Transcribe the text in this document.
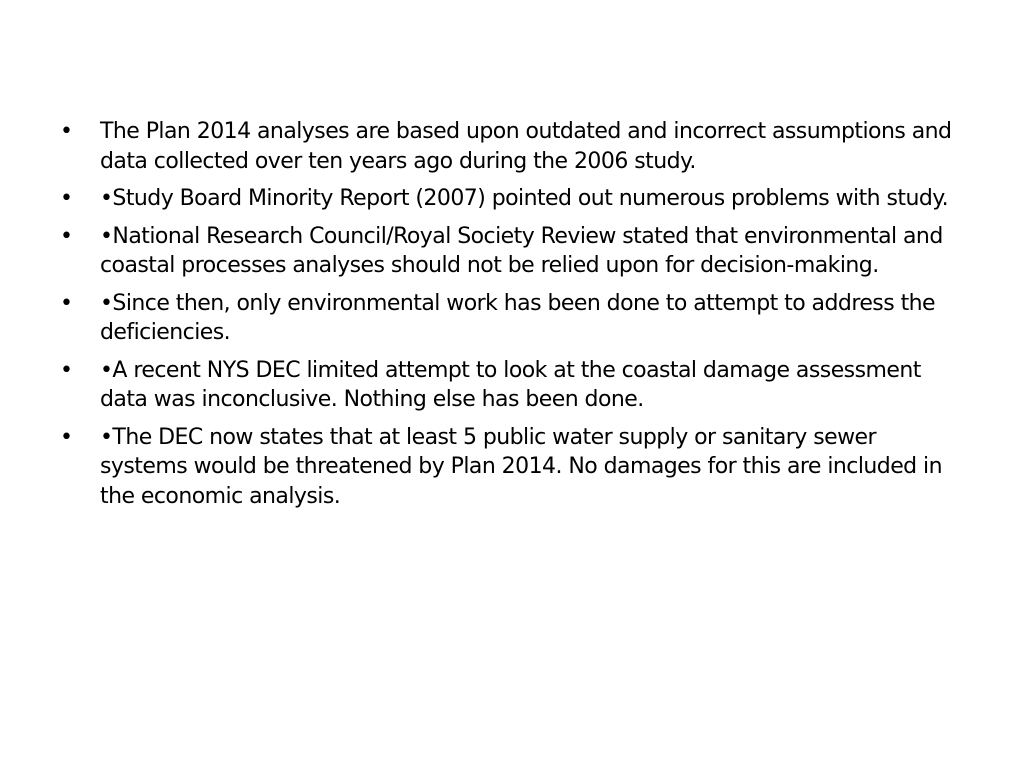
•	The Plan 2014 analyses are based upon outdated and incorrect assumptions and data collected over ten years ago during the 2006 study.
•	•Study Board Minority Report (2007) pointed out numerous problems with study.
•	•National Research Council/Royal Society Review stated that environmental and coastal processes analyses should not be relied upon for decision-making.
•	•Since then, only environmental work has been done to attempt to address the deficiencies.
•	•A recent NYS DEC limited attempt to look at the coastal damage assessment data was inconclusive. Nothing else has been done.
•	•The DEC now states that at least 5 public water supply or sanitary sewer systems would be threatened by Plan 2014. No damages for this are included in the economic analysis.
